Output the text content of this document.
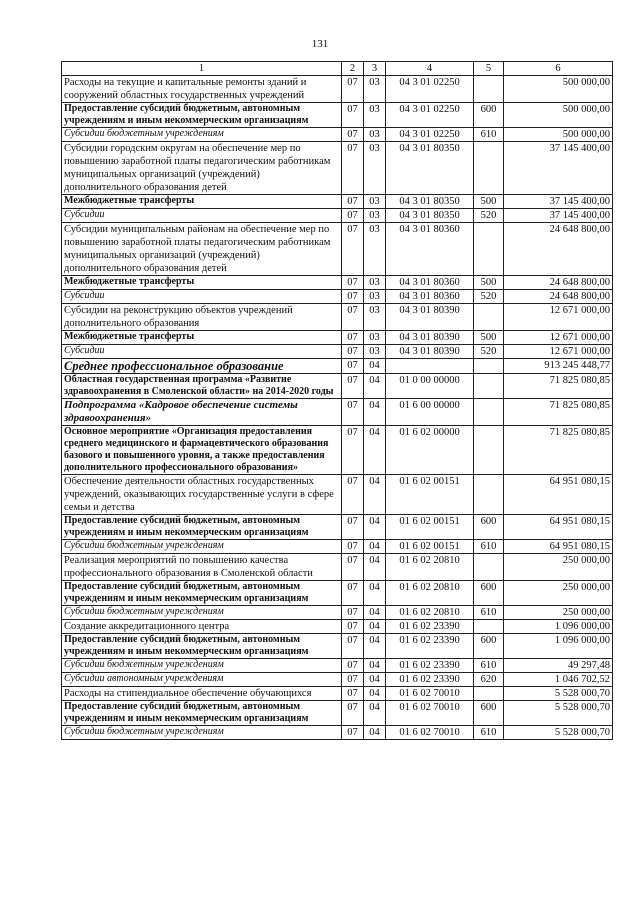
131
1	2	3	4	5	6
Расходы на текущие и капитальные ремонты зданий и сооружений областных государственных учреждений	07	03	04 3 01 02250		500 000,00
Предоставление субсидий бюджетным, автономным учреждениям и иным некоммерческим организациям	07	03	04 3 01 02250	600	500 000,00
Субсидии бюджетным учреждениям	07	03	04 3 01 02250	610	500 000,00
Субсидии городским округам на обеспечение мер по повышению заработной платы педагогическим работникам муниципальных организаций (учреждений) дополнительного образования детей	07	03	04 3 01 80350		37 145 400,00
Межбюджетные трансферты	07	03	04 3 01 80350	500	37 145 400,00
Субсидии	07	03	04 3 01 80350	520	37 145 400,00
Субсидии муниципальным районам на обеспечение мер по повышению заработной платы педагогическим работникам муниципальных организаций (учреждений) дополнительного образования детей	07	03	04 3 01 80360		24 648 800,00
Межбюджетные трансферты	07	03	04 3 01 80360	500	24 648 800,00
Субсидии	07	03	04 3 01 80360	520	24 648 800,00
Субсидии на реконструкцию объектов учреждений дополнительного образования	07	03	04 3 01 80390		12 671 000,00
Межбюджетные трансферты	07	03	04 3 01 80390	500	12 671 000,00
Субсидии	07	03	04 3 01 80390	520	12 671 000,00
Среднее профессиональное образование	07	04			913 245 448,77
Областная государственная программа «Развитие здравоохранения в Смоленской области» на 2014-2020 годы	07	04	01 0 00 00000		71 825 080,85
Подпрограмма «Кадровое обеспечение системы здравоохранения»	07	04	01 6 00 00000		71 825 080,85
Основное мероприятие «Организация предоставления среднего медицинского и фармацевтического образования базового и повышенного уровня, а также предоставления дополнительного профессионального образования»	07	04	01 6 02 00000		71 825 080,85
Обеспечение деятельности областных государственных учреждений, оказывающих государственные услуги в сфере семьи и детства	07	04	01 6 02 00151		64 951 080,15
Предоставление субсидий бюджетным, автономным учреждениям и иным некоммерческим организациям	07	04	01 6 02 00151	600	64 951 080,15
Субсидии бюджетным учреждениям	07	04	01 6 02 00151	610	64 951 080,15
Реализация мероприятий по повышению качества профессионального образования в Смоленской области	07	04	01 6 02 20810		250 000,00
Предоставление субсидий бюджетным, автономным учреждениям и иным некоммерческим организациям	07	04	01 6 02 20810	600	250 000,00
Субсидии бюджетным учреждениям	07	04	01 6 02 20810	610	250 000,00
Создание аккредитационного центра	07	04	01 6 02 23390		1 096 000,00
Предоставление субсидий бюджетным, автономным учреждениям и иным некоммерческим организациям	07	04	01 6 02 23390	600	1 096 000,00
Субсидии бюджетным учреждениям	07	04	01 6 02 23390	610	49 297,48
Субсидии автономным учреждениям	07	04	01 6 02 23390	620	1 046 702,52
Расходы на стипендиальное обеспечение обучающихся	07	04	01 6 02 70010		5 528 000,70
Предоставление субсидий бюджетным, автономным учреждениям и иным некоммерческим организациям	07	04	01 6 02 70010	600	5 528 000,70
Субсидии бюджетным учреждениям	07	04	01 6 02 70010	610	5 528 000,70
